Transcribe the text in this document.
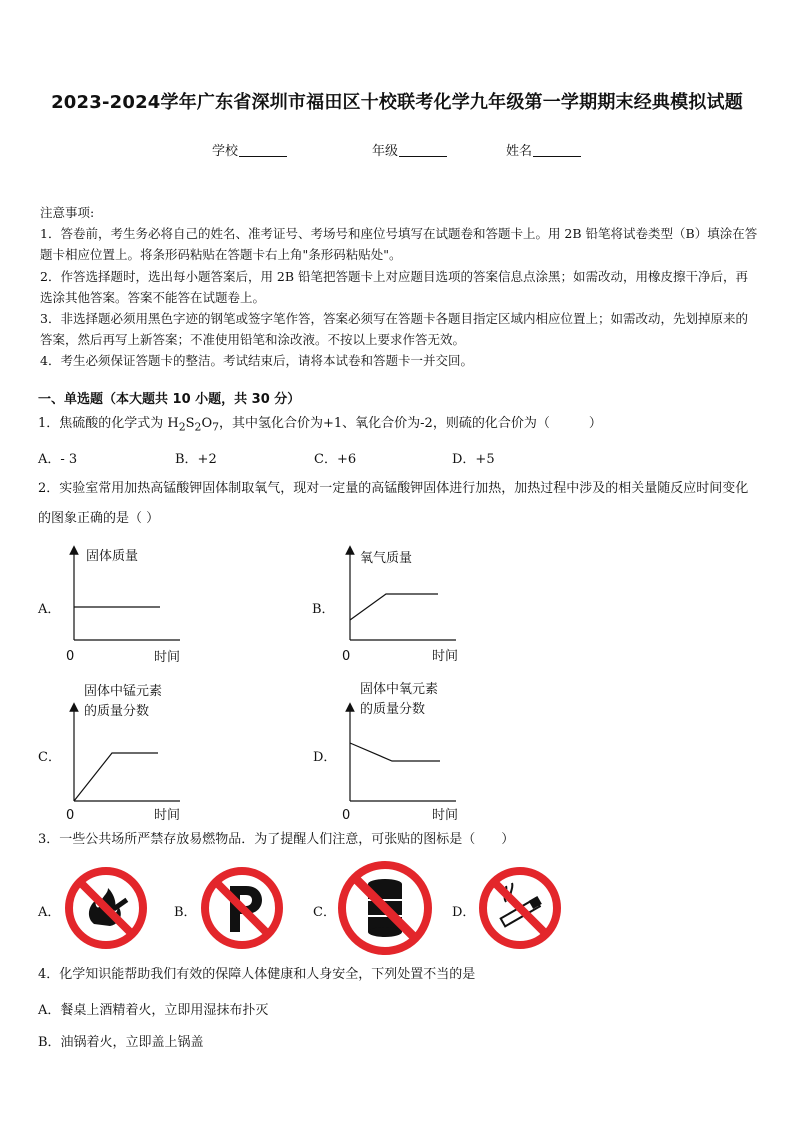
2023-2024学年广东省深圳市福田区十校联考化学九年级第一学期期末经典模拟试题
学校	年级	姓名

注意事项:

1．答卷前，考生务必将自己的姓名、准考证号、考场号和座位号填写在试题卷和答题卡上。用 2B 铅笔将试卷类型（B）填涂在答题卡相应位置上。将条形码粘贴在答题卡右上角"条形码粘贴处"。

2．作答选择题时，选出每小题答案后，用 2B 铅笔把答题卡上对应题目选项的答案信息点涂黑；如需改动，用橡皮擦干净后，再选涂其他答案。答案不能答在试题卷上。

3．非选择题必须用黑色字迹的钢笔或签字笔作答，答案必须写在答题卡各题目指定区域内相应位置上；如需改动，先划掉原来的答案，然后再写上新答案；不准使用铅笔和涂改液。不按以上要求作答无效。

4．考生必须保证答题卡的整洁。考试结束后，请将本试卷和答题卡一并交回。

一、单选题（本大题共 10 小题，共 30 分）
1．焦硫酸的化学式为 $H_2S_2O_7$，其中氢化合价为+1、氧化合价为-2，则硫的化合价为（　　　）
A．- 3	B．+2	C．+6	D．+5
2．实验室常用加热高锰酸钾固体制取氧气，现对一定量的高锰酸钾固体进行加热，加热过程中涉及的相关量随反应时间变化的图象正确的是（ ）
A．
固体质量
0	时间
B．
氧气质量
0	时间
C．
固体中锰元素
的质量分数
0	时间
D．
固体中氧元素
的质量分数
0	时间
3．一些公共场所严禁存放易燃物品．为了提醒人们注意，可张贴的图标是（　　）
A．	B．	C．	D．
4．化学知识能帮助我们有效的保障人体健康和人身安全，下列处置不当的是
A．餐桌上酒精着火，立即用湿抹布扑灭
B．油锅着火，立即盖上锅盖
